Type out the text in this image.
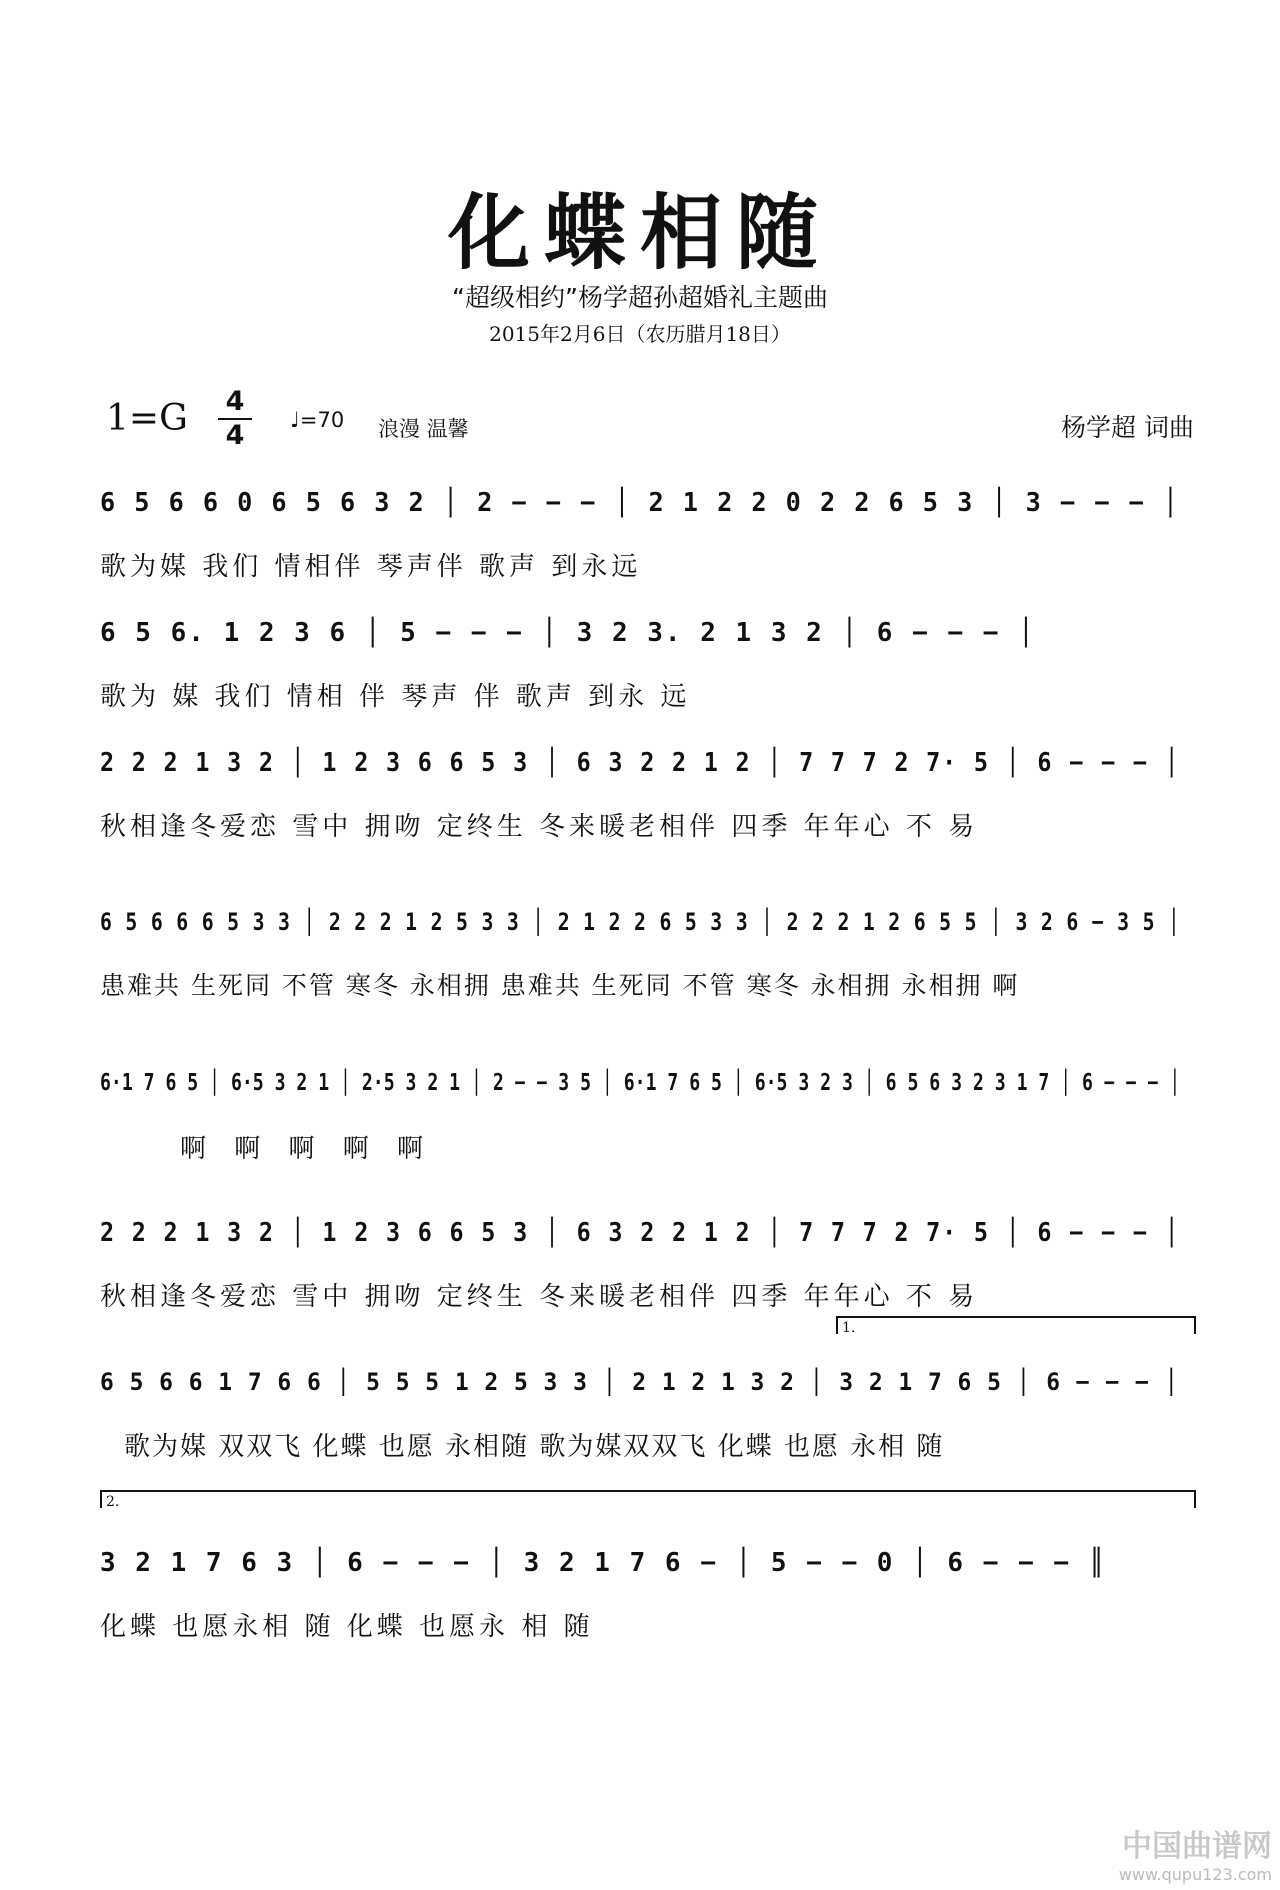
化蝶相随
“超级相约”杨学超孙超婚礼主题曲
2015年2月6日（农历腊月18日）
1=G 4
4	♩=70 浪漫 温馨	杨学超 词曲
6 5 6 6 0 6 5 6 3 2 │ 2 − − − │ 2 1 2 2 0 2 2 6 5 3 │ 3 − − − │
歌为媒 我们 情相伴 琴声伴 歌声 到永远
6 5 6. 1 2 3 6 │ 5 − − − │ 3 2 3. 2 1 3 2 │ 6 − − − │
歌为 媒 我们 情相 伴 琴声 伴 歌声 到永 远
2 2 2 1 3 2 │ 1 2 3 6 6 5 3 │ 6 3 2 2 1 2 │ 7 7 7 2 7· 5 │ 6 − − − │
秋相逢冬爱恋 雪中 拥吻 定终生 冬来暖老相伴 四季 年年心 不 易
6 5 6 6 6 5 3 3 │ 2 2 2 1 2 5 3 3 │ 2 1 2 2 6 5 3 3 │ 2 2 2 1 2 6 5 5 │ 3 2 6 − 3 5 │
患难共 生死同 不管 寒冬 永相拥 患难共 生死同 不管 寒冬 永相拥 永相拥 啊
6·1 7 6 5 │ 6·5 3 2 1 │ 2·5 3 2 1 │ 2 − − 3 5 │ 6·1 7 6 5 │ 6·5 3 2 3 │ 6 5 6 3 2 3 1 7 │ 6 − − − │
啊 啊 啊 啊 啊
2 2 2 1 3 2 │ 1 2 3 6 6 5 3 │ 6 3 2 2 1 2 │ 7 7 7 2 7· 5 │ 6 − − − │
秋相逢冬爱恋 雪中 拥吻 定终生 冬来暖老相伴 四季 年年心 不 易
1.
6 5 6 6 1 7 6 6 │ 5 5 5 1 2 5 3 3 │ 2 1 2 1 3 2 │ 3 2 1 7 6 5 │ 6 − − − │
歌为媒 双双飞 化蝶 也愿 永相随 歌为媒双双飞 化蝶 也愿 永相 随
2.
3 2 1 7 6 3 │ 6 − − − │ 3 2 1 7 6 − │ 5 − − 0 │ 6 − − − ║
化蝶 也愿永相 随 化蝶 也愿永 相 随
中国曲谱网
www.qupu123.com
